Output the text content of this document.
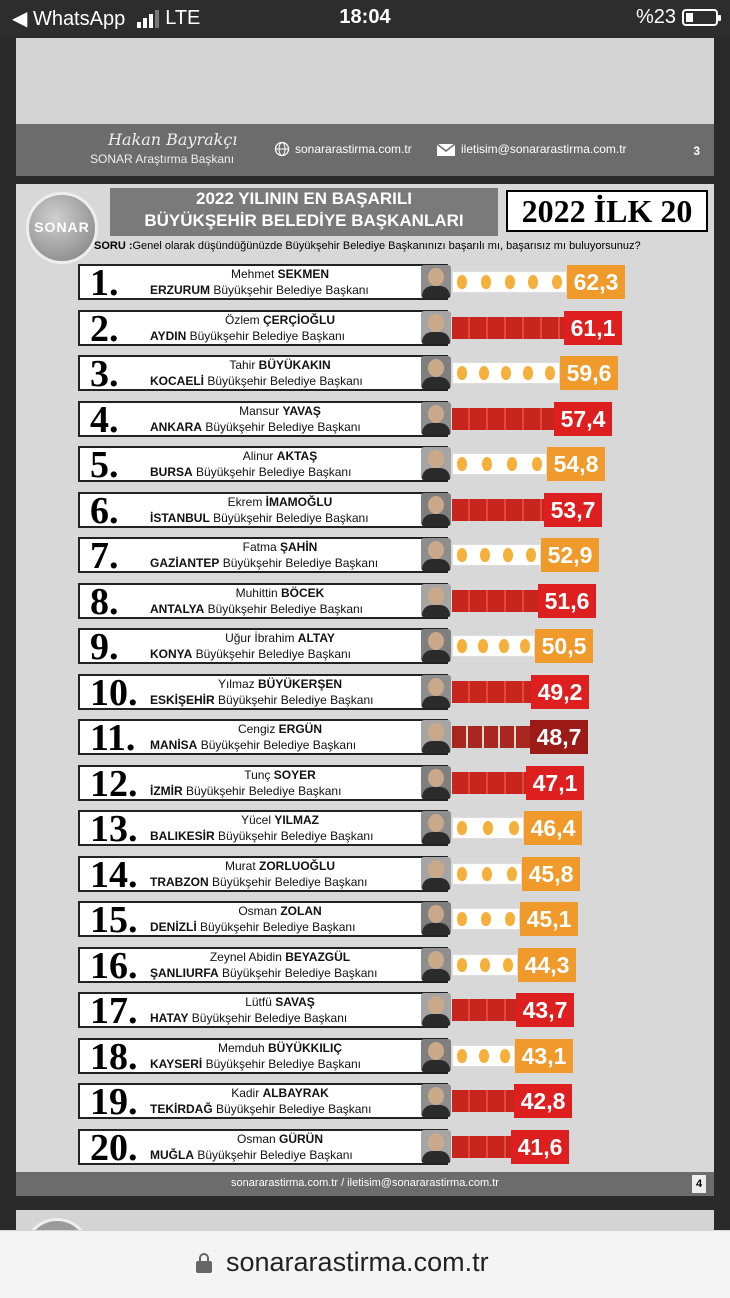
◀ WhatsApp LTE	18:04	%23
Hakan Bayrakçı
SONAR Araştırma Başkanı
sonararastirma.com.tr	iletisim@sonararastirma.com.tr	3
SONAR
2022 YILININ EN BAŞARILI
BÜYÜKŞEHİR BELEDİYE BAŞKANLARI	2022 İLK 20
SORU :Genel olarak düşündüğünüzde Büyükşehir Belediye Başkanınızı başarılı mı, başarısız mı buluyorsunuz?
1.	Mehmet SEKMEN
ERZURUM Büyükşehir Belediye Başkanı	62,3
2.	Özlem ÇERÇİOĞLU
AYDIN Büyükşehir Belediye Başkanı	61,1
3.	Tahir BÜYÜKAKIN
KOCAELİ Büyükşehir Belediye Başkanı	59,6
4.	Mansur YAVAŞ
ANKARA Büyükşehir Belediye Başkanı	57,4
5.	Alinur AKTAŞ
BURSA Büyükşehir Belediye Başkanı	54,8
6.	Ekrem İMAMOĞLU
İSTANBUL Büyükşehir Belediye Başkanı	53,7
7.	Fatma ŞAHİN
GAZİANTEP Büyükşehir Belediye Başkanı	52,9
8.	Muhittin BÖCEK
ANTALYA Büyükşehir Belediye Başkanı	51,6
9.	Uğur İbrahim ALTAY
KONYA Büyükşehir Belediye Başkanı	50,5
10.	Yılmaz BÜYÜKERŞEN
ESKİŞEHİR Büyükşehir Belediye Başkanı	49,2
11.	Cengiz ERGÜN
MANİSA Büyükşehir Belediye Başkanı	48,7
12.	Tunç SOYER
İZMİR Büyükşehir Belediye Başkanı	47,1
13.	Yücel YILMAZ
BALIKESİR Büyükşehir Belediye Başkanı	46,4
14.	Murat ZORLUOĞLU
TRABZON Büyükşehir Belediye Başkanı	45,8
15.	Osman ZOLAN
DENİZLİ Büyükşehir Belediye Başkanı	45,1
16.	Zeynel Abidin BEYAZGÜL
ŞANLIURFA Büyükşehir Belediye Başkanı	44,3
17.	Lütfü SAVAŞ
HATAY Büyükşehir Belediye Başkanı	43,7
18.	Memduh BÜYÜKKILIÇ
KAYSERİ Büyükşehir Belediye Başkanı	43,1
19.	Kadir ALBAYRAK
TEKİRDAĞ Büyükşehir Belediye Başkanı	42,8
20.	Osman GÜRÜN
MUĞLA Büyükşehir Belediye Başkanı	41,6
sonararastirma.com.tr / iletisim@sonararastirma.com.tr	4
sonararastirma.com.tr
